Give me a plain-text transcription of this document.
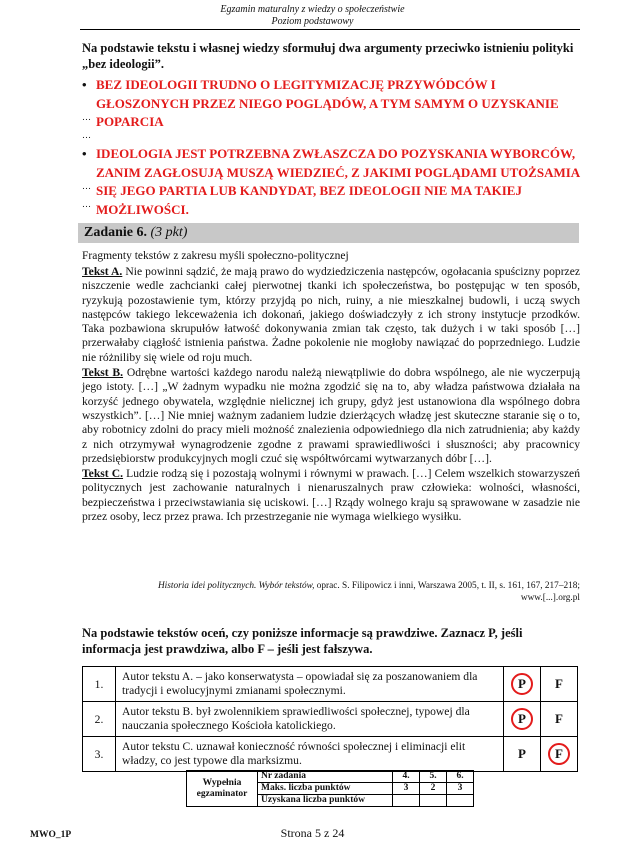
Egzamin maturalny z wiedzy o społeczeństwie
Poziom podstawowy
Na podstawie tekstu i własnej wiedzy sformułuj dwa argumenty przeciwko istnieniu polityki „bez ideologii”.
• BEZ IDEOLOGII TRUDNO O LEGITYMIZACJĘ PRZYWÓDCÓW I GŁOSZONYCH PRZEZ NIEGO POGLĄDÓW, A TYM SAMYM O UZYSKANIE POPARCIA
…
…
• IDEOLOGIA JEST POTRZEBNA ZWŁASZCZA DO POZYSKANIA WYBORCÓW, ZANIM ZAGŁOSUJĄ MUSZĄ WIEDZIEĆ, Z JAKIMI POGLĄDAMI UTOŻSAMIA SIĘ JEGO PARTIA LUB KANDYDAT, BEZ IDEOLOGII NIE MA TAKIEJ MOŻLIWOŚCI.
…
…
Zadanie 6. (3 pkt)
Fragmenty tekstów z zakresu myśli społeczno-politycznej

Tekst A. Nie powinni sądzić, że mają prawo do wydziedziczenia następców, ogołacania spuścizny poprzez niszczenie wedle zachcianki całej pierwotnej tkanki ich społeczeństwa, bo postępując w ten sposób, ryzykują pozostawienie tym, którzy przyjdą po nich, ruiny, a nie mieszkalnej budowli, i uczą swych następców takiego lekceważenia ich dokonań, jakiego doświadczyły z ich strony instytucje przodków. Taka pozbawiona skrupułów łatwość dokonywania zmian tak często, tak dużych i w taki sposób […] przerwałaby ciągłość istnienia państwa. Żadne pokolenie nie mogłoby nawiązać do poprzedniego. Ludzie nie różniliby się wiele od roju much.

Tekst B. Odrębne wartości każdego narodu należą niewątpliwie do dobra wspólnego, ale nie wyczerpują jego istoty. […] „W żadnym wypadku nie można zgodzić się na to, aby władza państwowa działała na korzyść jednego obywatela, względnie nielicznej ich grupy, gdyż jest ustanowiona dla wspólnego dobra wszystkich”. […] Nie mniej ważnym zadaniem ludzie dzierżących władzę jest skuteczne staranie się o to, aby robotnicy zdolni do pracy mieli możność znalezienia odpowiedniego dla nich zatrudnienia; aby każdy z nich otrzymywał wynagrodzenie zgodne z prawami sprawiedliwości i słuszności; aby pracownicy przedsiębiorstw produkcyjnych mogli czuć się współtwórcami wytwarzanych dóbr […].

Tekst C. Ludzie rodzą się i pozostają wolnymi i równymi w prawach. […] Celem wszelkich stowarzyszeń politycznych jest zachowanie naturalnych i nienaruszalnych praw człowieka: wolności, własności, bezpieczeństwa i przeciwstawiania się uciskowi. […] Rządy wolnego kraju są sprawowane w zasadzie nie przez osoby, lecz przez prawa. Ich przestrzeganie nie wymaga wielkiego wysiłku.

Historia idei politycznych. Wybór tekstów, oprac. S. Filipowicz i inni, Warszawa 2005, t. II, s. 161, 167, 217–218;
www.[...].org.pl
Na podstawie tekstów oceń, czy poniższe informacje są prawdziwe. Zaznacz P, jeśli informacja jest prawdziwa, albo F – jeśli jest fałszywa.
1.	Autor tekstu A. – jako konserwatysta – opowiadał się za poszanowaniem dla tradycji i ewolucyjnymi zmianami społecznymi.	P	F
2.	Autor tekstu B. był zwolennikiem sprawiedliwości społecznej, typowej dla nauczania społecznego Kościoła katolickiego.	P	F
3.	Autor tekstu C. uznawał konieczność równości społecznej i eliminacji elit władzy, co jest typowe dla marksizmu.	P	F
Wypełnia egzaminator	Nr zadania	4.	5.	6.
	Maks. liczba punktów	3	2	3
	Uzyskana liczba punktów			
MWO_1P	Strona 5 z 24
